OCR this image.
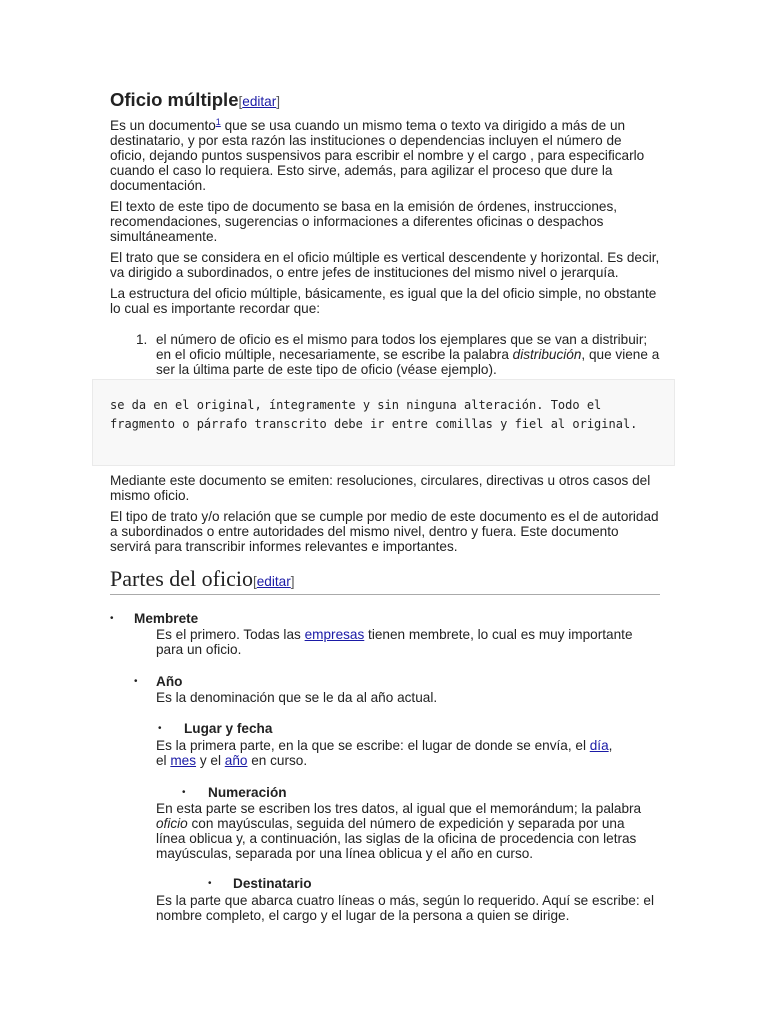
se da en el original, íntegramente y sin ninguna alteración. Todo el fragmento o párrafo transcrito debe ir entre comillas y fiel al original.

Oficio múltiple[editar]

Es un documento$^1$ que se usa cuando un mismo tema o texto va dirigido a más de un destinatario, y por esta razón las instituciones o dependencias incluyen el número de oficio, dejando puntos suspensivos para escribir el nombre y el cargo , para especificarlo cuando el caso lo requiera. Esto sirve, además, para agilizar el proceso que dure la documentación.

El texto de este tipo de documento se basa en la emisión de órdenes, instrucciones, recomendaciones, sugerencias o informaciones a diferentes oficinas o despachos simultáneamente.

El trato que se considera en el oficio múltiple es vertical descendente y horizontal. Es decir, va dirigido a subordinados, o entre jefes de instituciones del mismo nivel o jerarquía.

La estructura del oficio múltiple, básicamente, es igual que la del oficio simple, no obstante lo cual es importante recordar que:

1. el número de oficio es el mismo para todos los ejemplares que se van a distribuir; en el oficio múltiple, necesariamente, se escribe la palabra distribución, que viene a ser la última parte de este tipo de oficio (véase ejemplo).

Mediante este documento se emiten: resoluciones, circulares, directivas u otros casos del mismo oficio.

El tipo de trato y/o relación que se cumple por medio de este documento es el de autoridad a subordinados o entre autoridades del mismo nivel, dentro y fuera. Este documento servirá para transcribir informes relevantes e importantes.

Partes del oficio[editar]
• Membrete

Es el primero. Todas las empresas tienen membrete, lo cual es muy importante para un oficio.

• Año

Es la denominación que se le da al año actual.

• Lugar y fecha

Es la primera parte, en la que se escribe: el lugar de donde se envía, el día, el mes y el año en curso.

• Numeración

En esta parte se escriben los tres datos, al igual que el memorándum; la palabra oficio con mayúsculas, seguida del número de expedición y separada por una línea oblicua y, a continuación, las siglas de la oficina de procedencia con letras mayúsculas, separada por una línea oblicua y el año en curso.

• Destinatario

Es la parte que abarca cuatro líneas o más, según lo requerido. Aquí se escribe: el nombre completo, el cargo y el lugar de la persona a quien se dirige.
